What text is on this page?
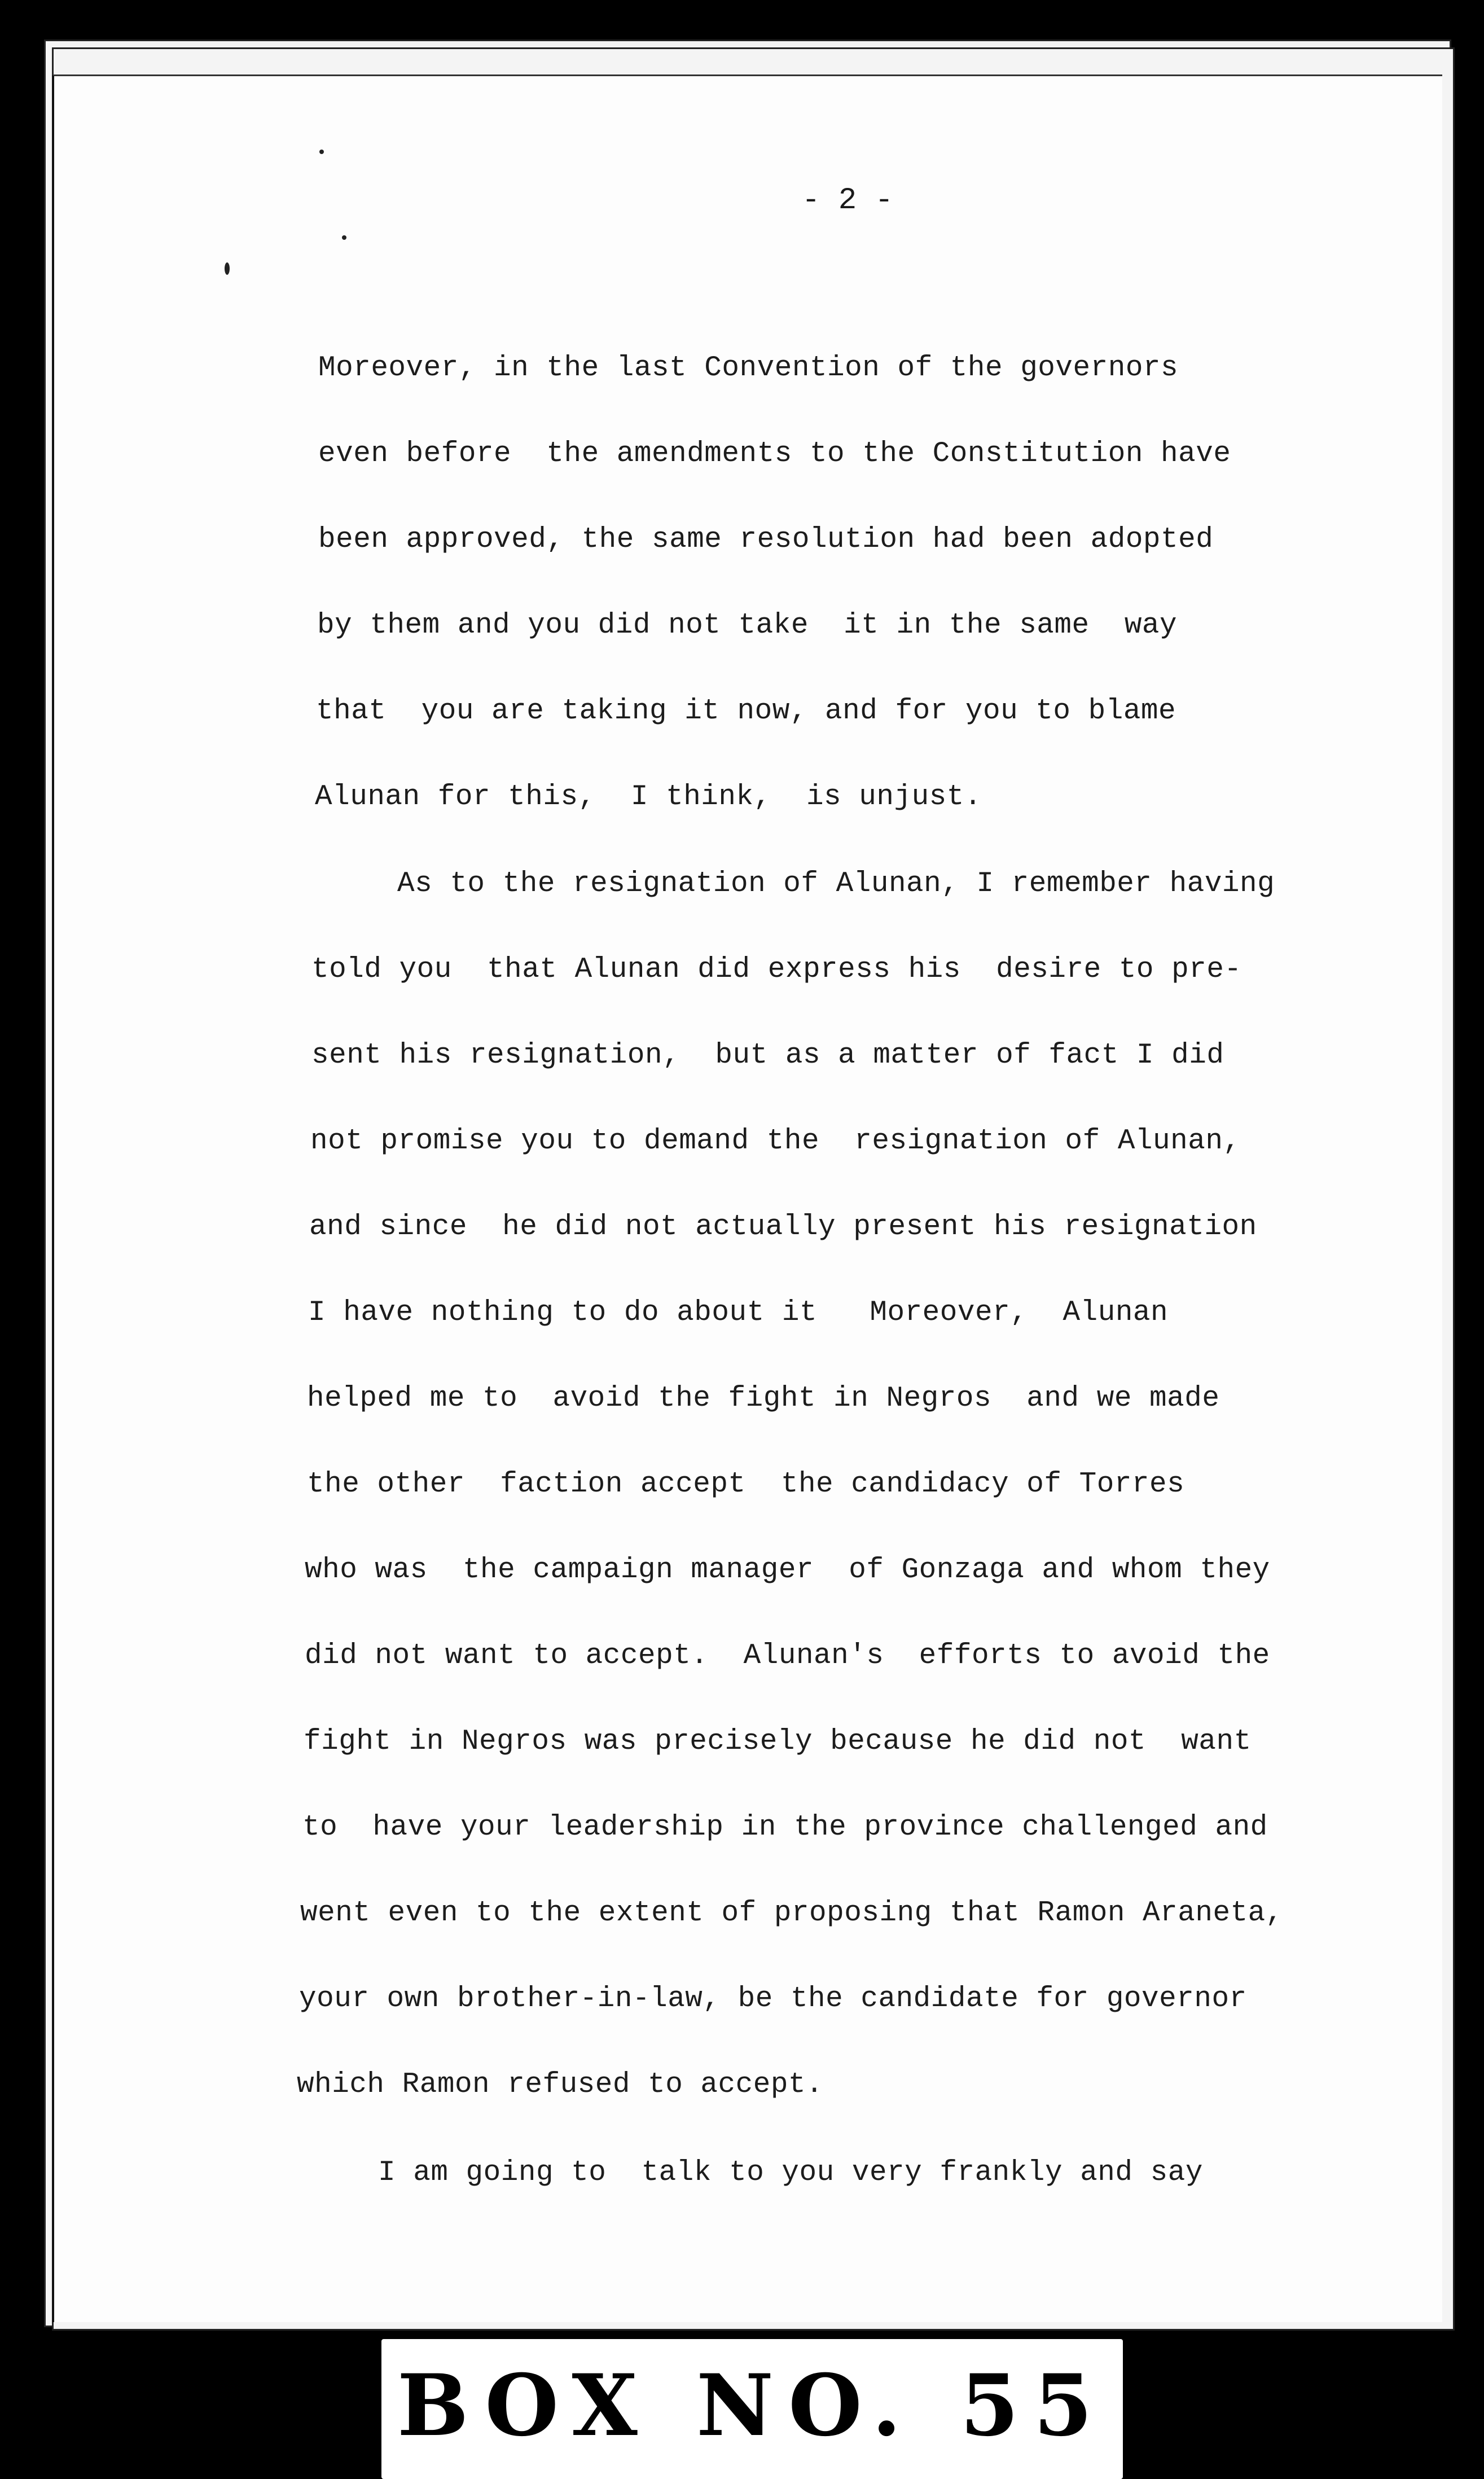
- 2 -
Moreover, in the last Convention of the governors
even before  the amendments to the Constitution have
been approved, the same resolution had been adopted
by them and you did not take  it in the same  way
that  you are taking it now, and for you to blame
Alunan for this,  I think,  is unjust.
As to the resignation of Alunan, I remember having
told you  that Alunan did express his  desire to pre-
sent his resignation,  but as a matter of fact I did
not promise you to demand the  resignation of Alunan,
and since  he did not actually present his resignation
I have nothing to do about it   Moreover,  Alunan
helped me to  avoid the fight in Negros  and we made
the other  faction accept  the candidacy of Torres
who was  the campaign manager  of Gonzaga and whom they
did not want to accept.  Alunan's  efforts to avoid the
fight in Negros was precisely because he did not  want
to  have your leadership in the province challenged and
went even to the extent of proposing that Ramon Araneta,
your own brother-in-law, be the candidate for governor
which Ramon refused to accept.
I am going to  talk to you very frankly and say
BOX NO. 55
